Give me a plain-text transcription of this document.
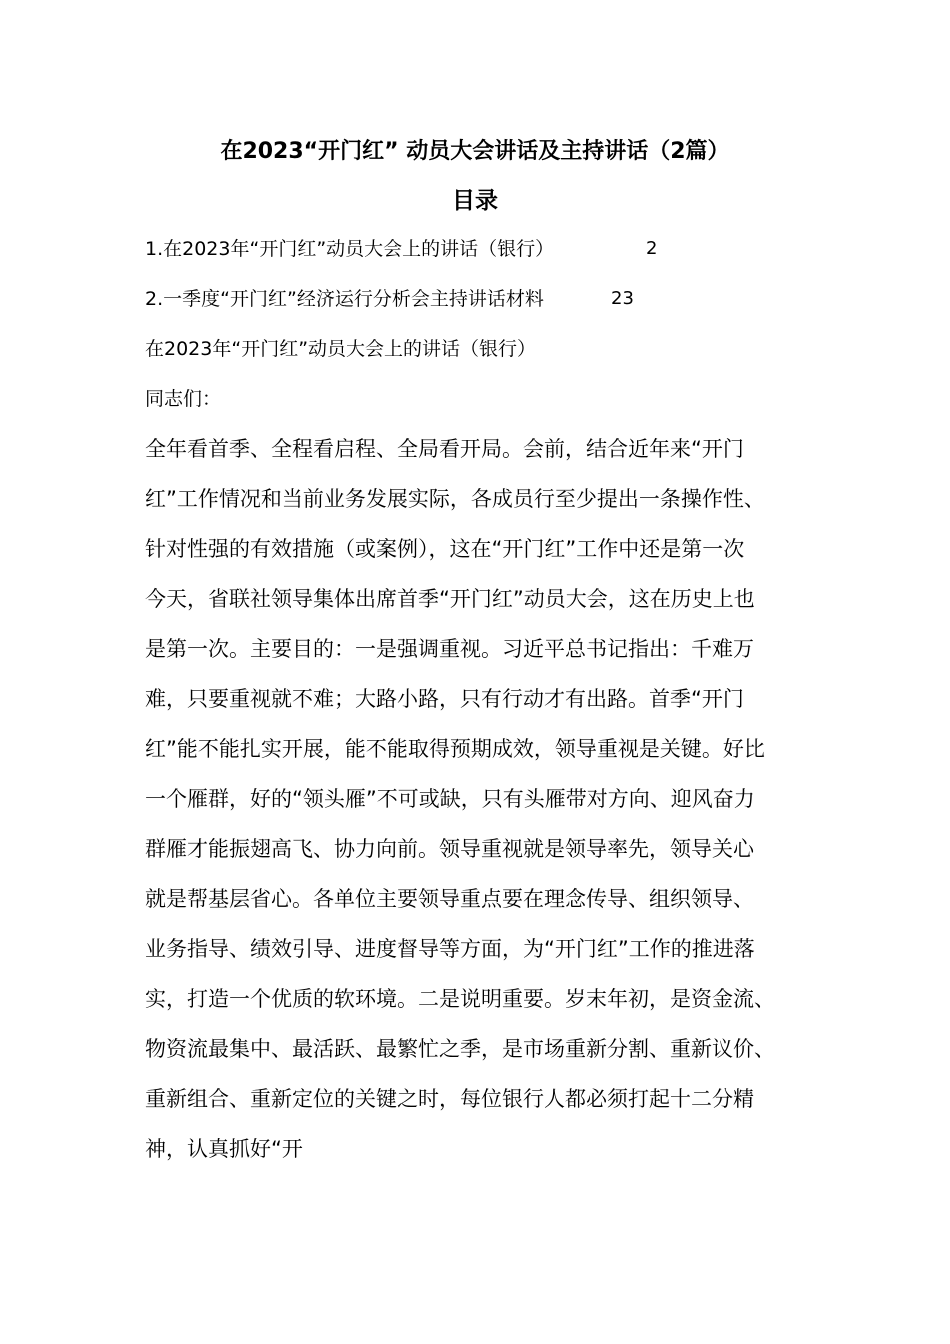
在2023“开门红” 动员大会讲话及主持讲话（2篇）
目录
1.在2023年“开门红”动员大会上的讲话（银行）	2
2.一季度“开门红”经济运行分析会主持讲话材料	23
在2023年“开门红”动员大会上的讲话（银行）
同志们：
全年看首季、全程看启程、全局看开局。会前，结合近年来“开门
红”工作情况和当前业务发展实际，各成员行至少提出一条操作性、
针对性强的有效措施（或案例），这在“开门红”工作中还是第一次
今天，省联社领导集体出席首季“开门红”动员大会，这在历史上也
是第一次。主要目的：一是强调重视。习近平总书记指出：千难万
难，只要重视就不难；大路小路，只有行动才有出路。首季“开门
红”能不能扎实开展，能不能取得预期成效，领导重视是关键。好比
一个雁群，好的“领头雁”不可或缺，只有头雁带对方向、迎风奋力
群雁才能振翅高飞、协力向前。领导重视就是领导率先，领导关心
就是帮基层省心。各单位主要领导重点要在理念传导、组织领导、
业务指导、绩效引导、进度督导等方面，为“开门红”工作的推进落
实，打造一个优质的软环境。二是说明重要。岁末年初，是资金流、
物资流最集中、最活跃、最繁忙之季，是市场重新分割、重新议价、
重新组合、重新定位的关键之时，每位银行人都必须打起十二分精
神，认真抓好“开
